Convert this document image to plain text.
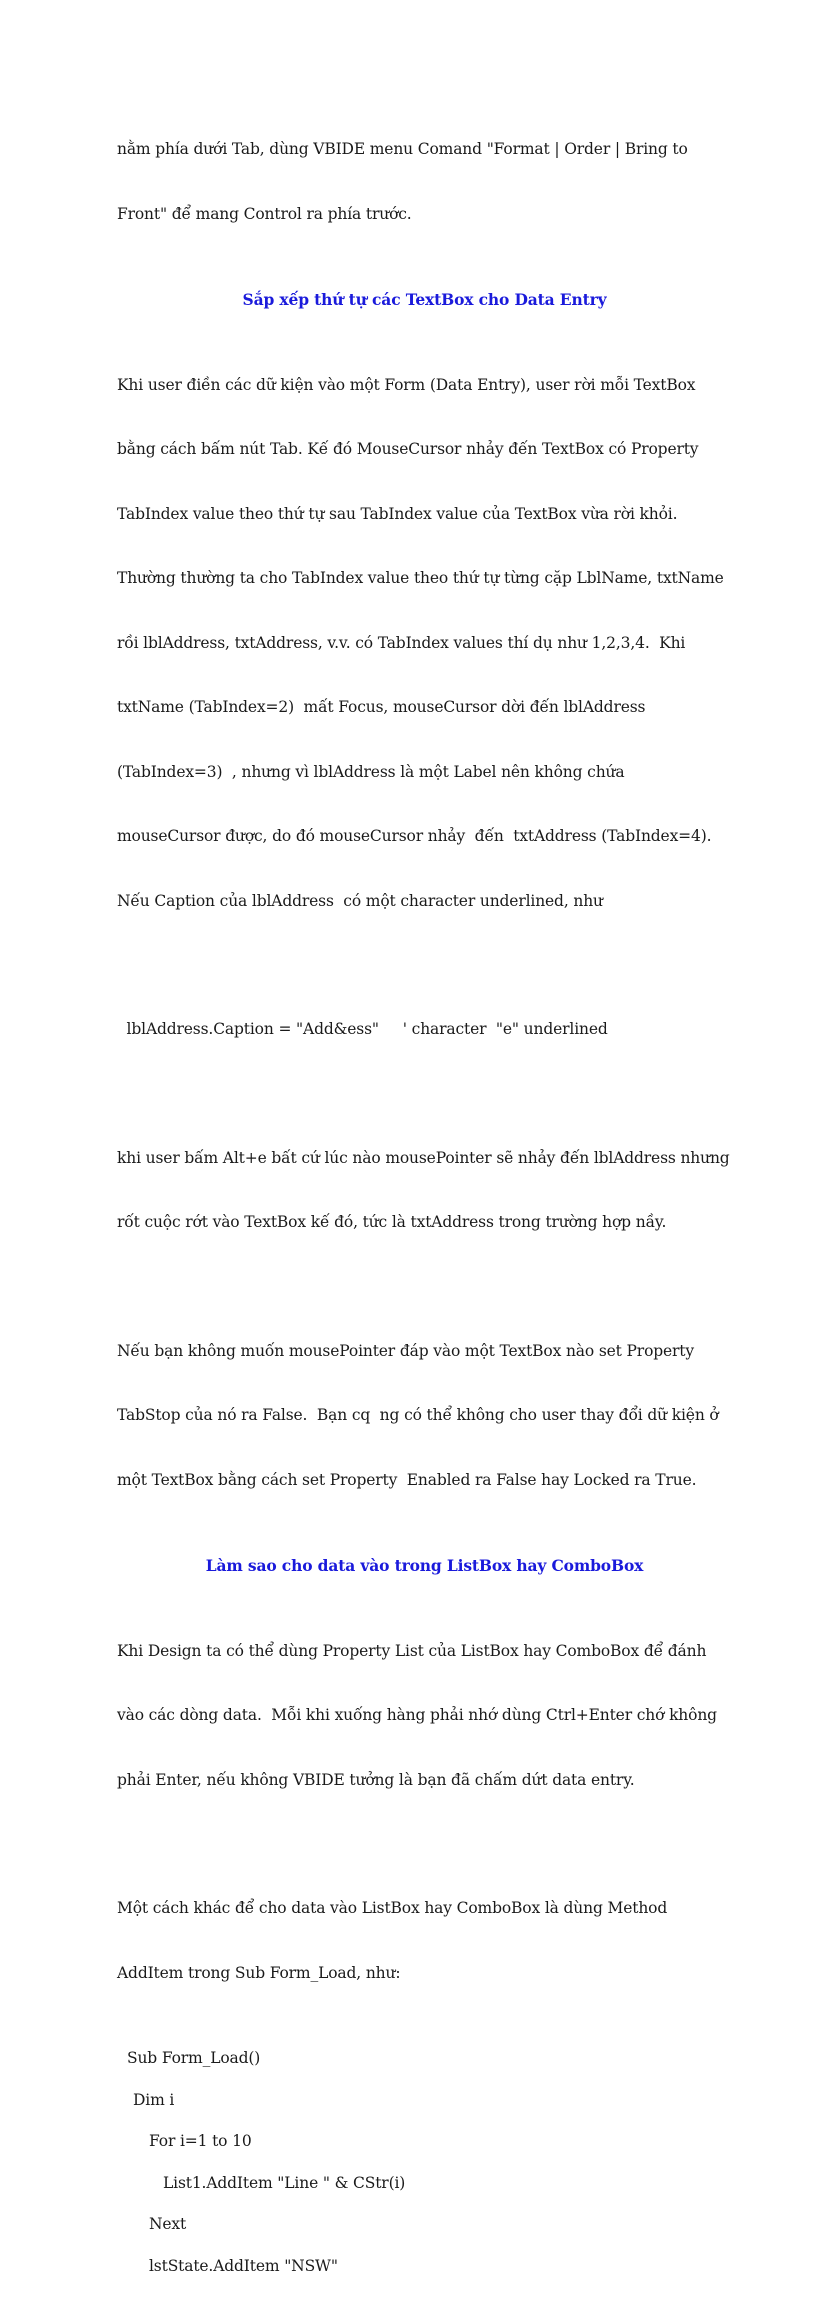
nằm phía dưới Tab, dùng VBIDE menu Comand "Format | Order | Bring to

Front" để mang Control ra phía trước.

Sắp xếp thứ tự các TextBox cho Data Entry

Khi user điền các dữ kiện vào một Form (Data Entry), user rời mỗi TextBox

bằng cách bấm nút Tab. Kế đó MouseCursor nhảy đến TextBox có Property

TabIndex value theo thứ tự sau TabIndex value của TextBox vừa rời khỏi.

Thường thường ta cho TabIndex value theo thứ tự từng cặp LblName, txtName

rồi lblAddress, txtAddress, v.v. có TabIndex values thí dụ như 1,2,3,4.  Khi

txtName (TabIndex=2)  mất Focus, mouseCursor dời đến lblAddress

(TabIndex=3)  , nhưng vì lblAddress là một Label nên không chứa

mouseCursor được, do đó mouseCursor nhảy  đến  txtAddress (TabIndex=4).

Nếu Caption của lblAddress  có một character underlined, như

lblAddress.Caption = "Add&ess"     ' character  "e" underlined

khi user bấm Alt+e bất cứ lúc nào mousePointer sẽ nhảy đến lblAddress nhưng

rốt cuộc rớt vào TextBox kế đó, tức là txtAddress trong trường hợp nầy.

Nếu bạn không muốn mousePointer đáp vào một TextBox nào set Property

TabStop của nó ra False.  Bạn cq  ng có thể không cho user thay đổi dữ kiện ở

một TextBox bằng cách set Property  Enabled ra False hay Locked ra True.

Làm sao cho data vào trong ListBox hay ComboBox

Khi Design ta có thể dùng Property List của ListBox hay ComboBox để đánh

vào các dòng data.  Mỗi khi xuống hàng phải nhớ dùng Ctrl+Enter chớ không

phải Enter, nếu không VBIDE tưởng là bạn đã chấm dứt data entry.

Một cách khác để cho data vào ListBox hay ComboBox là dùng Method

AddItem trong Sub Form_Load, như:

Sub Form_Load()
Dim i
For i=1 to 10
List1.AddItem "Line " & CStr(i)
Next
lstState.AddItem "NSW"
